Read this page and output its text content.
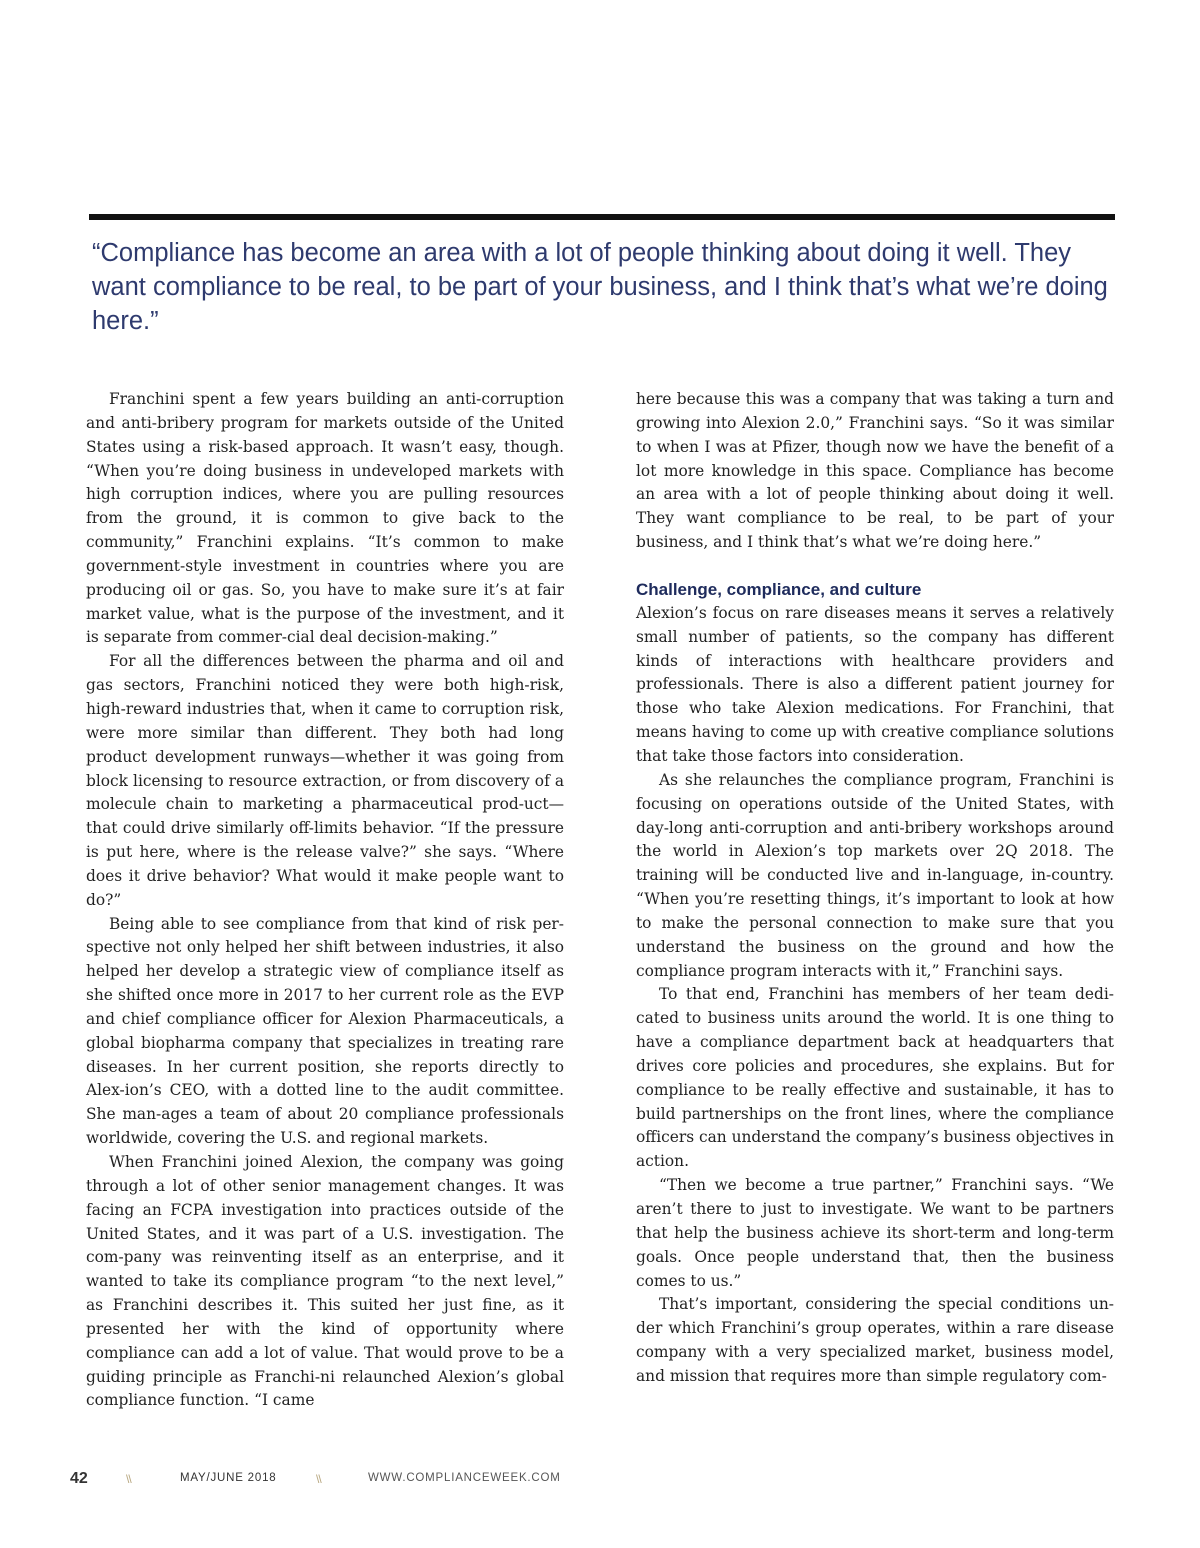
“Compliance has become an area with a lot of people thinking about doing it well. They want compliance to be real, to be part of your business, and I think that’s what we’re doing here.”

Franchini spent a few years building an anti-corruption and anti-bribery program for markets outside of the United States using a risk-based approach. It wasn’t easy, though. “When you’re doing business in undeveloped markets with high corruption indices, where you are pulling resources from the ground, it is common to give back to the community,” Franchini explains. “It’s common to make government-style investment in countries where you are producing oil or gas. So, you have to make sure it’s at fair market value, what is the purpose of the investment, and it is separate from commer-cial deal decision-making.”

For all the differences between the pharma and oil and gas sectors, Franchini noticed they were both high-risk, high-reward industries that, when it came to corruption risk, were more similar than different. They both had long product development runways—whether it was going from block licensing to resource extraction, or from discovery of a molecule chain to marketing a pharmaceutical prod-uct—that could drive similarly off-limits behavior. “If the pressure is put here, where is the release valve?” she says. “Where does it drive behavior? What would it make people want to do?”

Being able to see compliance from that kind of risk per-spective not only helped her shift between industries, it also helped her develop a strategic view of compliance itself as she shifted once more in 2017 to her current role as the EVP and chief compliance officer for Alexion Pharmaceuticals, a global biopharma company that specializes in treating rare diseases. In her current position, she reports directly to Alex-ion’s CEO, with a dotted line to the audit committee. She man-ages a team of about 20 compliance professionals worldwide, covering the U.S. and regional markets.

When Franchini joined Alexion, the company was going through a lot of other senior management changes. It was facing an FCPA investigation into practices outside of the United States, and it was part of a U.S. investigation. The com-pany was reinventing itself as an enterprise, and it wanted to take its compliance program “to the next level,” as Franchini describes it. This suited her just fine, as it presented her with the kind of opportunity where compliance can add a lot of value. That would prove to be a guiding principle as Franchi-ni relaunched Alexion’s global compliance function. “I came

here because this was a company that was taking a turn and growing into Alexion 2.0,” Franchini says. “So it was similar to when I was at Pfizer, though now we have the benefit of a lot more knowledge in this space. Compliance has become an area with a lot of people thinking about doing it well. They want compliance to be real, to be part of your business, and I think that’s what we’re doing here.”

Challenge, compliance, and culture

Alexion’s focus on rare diseases means it serves a relatively small number of patients, so the company has different kinds of interactions with healthcare providers and professionals. There is also a different patient journey for those who take Alexion medications. For Franchini, that means having to come up with creative compliance solutions that take those factors into consideration.

As she relaunches the compliance program, Franchini is focusing on operations outside of the United States, with day-long anti-corruption and anti-bribery workshops around the world in Alexion’s top markets over 2Q 2018. The training will be conducted live and in-language, in-country. “When you’re resetting things, it’s important to look at how to make the personal connection to make sure that you understand the business on the ground and how the compliance program interacts with it,” Franchini says.

To that end, Franchini has members of her team dedi-cated to business units around the world. It is one thing to have a compliance department back at headquarters that drives core policies and procedures, she explains. But for compliance to be really effective and sustainable, it has to build partnerships on the front lines, where the compliance officers can understand the company’s business objectives in action.

“Then we become a true partner,” Franchini says. “We aren’t there to just to investigate. We want to be partners that help the business achieve its short-term and long-term goals. Once people understand that, then the business comes to us.”

That’s important, considering the special conditions un-der which Franchini’s group operates, within a rare disease company with a very specialized market, business model, and mission that requires more than simple regulatory com-

42	\\	MAY/JUNE 2018	\\	WWW.COMPLIANCEWEEK.COM
